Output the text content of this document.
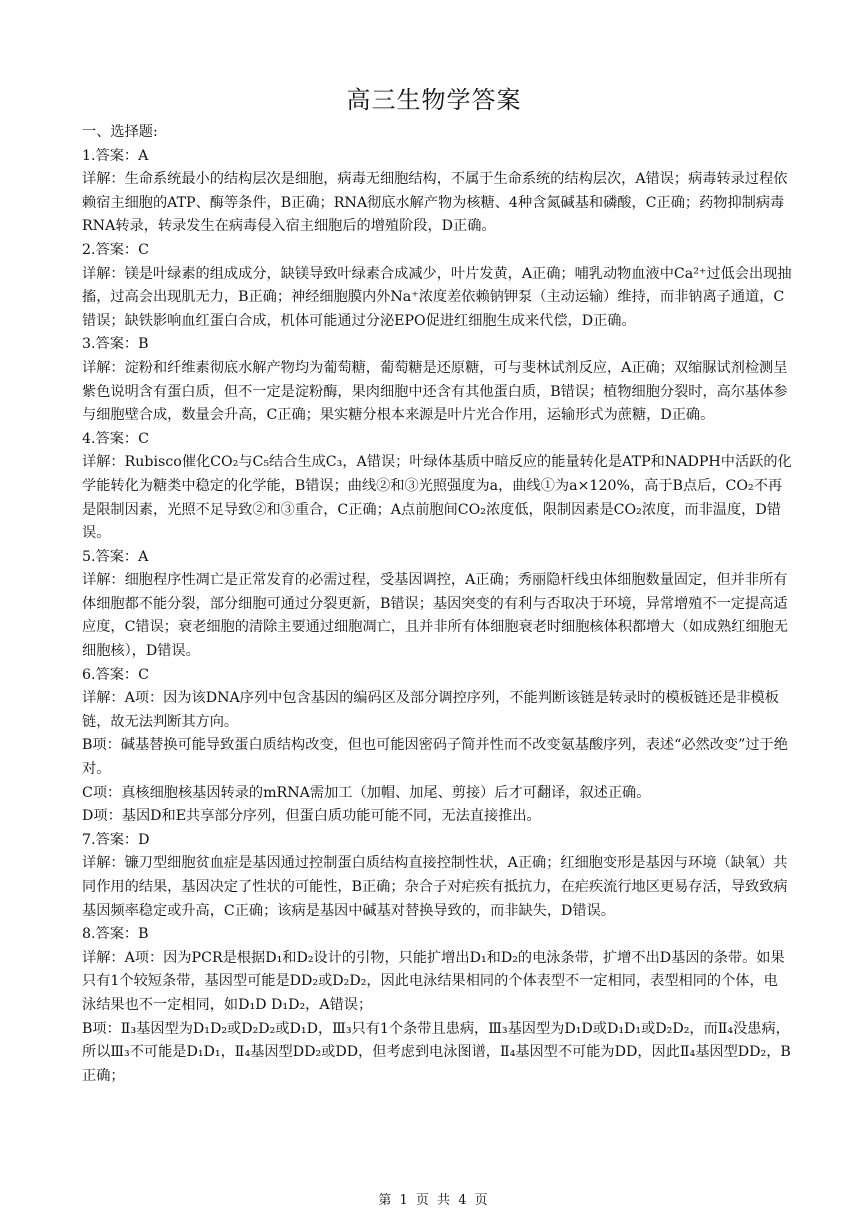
高三生物学答案

一、选择题:

1.答案：A

详解：生命系统最小的结构层次是细胞，病毒无细胞结构，不属于生命系统的结构层次，A错误；病毒转录过程依赖宿主细胞的ATP、酶等条件，B正确；RNA彻底水解产物为核糖、4种含氮碱基和磷酸，C正确；药物抑制病毒RNA转录，转录发生在病毒侵入宿主细胞后的增殖阶段，D正确。

2.答案：C

详解：镁是叶绿素的组成成分，缺镁导致叶绿素合成减少，叶片发黄，A正确；哺乳动物血液中Ca²⁺过低会出现抽搐，过高会出现肌无力，B正确；神经细胞膜内外Na⁺浓度差依赖钠钾泵（主动运输）维持，而非钠离子通道，C错误；缺铁影响血红蛋白合成，机体可能通过分泌EPO促进红细胞生成来代偿，D正确。

3.答案：B

详解：淀粉和纤维素彻底水解产物均为葡萄糖，葡萄糖是还原糖，可与斐林试剂反应，A正确；双缩脲试剂检测呈紫色说明含有蛋白质，但不一定是淀粉酶，果肉细胞中还含有其他蛋白质，B错误；植物细胞分裂时，高尔基体参与细胞壁合成，数量会升高，C正确；果实糖分根本来源是叶片光合作用，运输形式为蔗糖，D正确。

4.答案：C

详解：Rubisco催化CO₂与C₅结合生成C₃，A错误；叶绿体基质中暗反应的能量转化是ATP和NADPH中活跃的化学能转化为糖类中稳定的化学能，B错误；曲线②和③光照强度为a，曲线①为a×120%，高于B点后，CO₂不再是限制因素，光照不足导致②和③重合，C正确；A点前胞间CO₂浓度低，限制因素是CO₂浓度，而非温度，D错误。

5.答案：A

详解：细胞程序性凋亡是正常发育的必需过程，受基因调控，A正确；秀丽隐杆线虫体细胞数量固定，但并非所有体细胞都不能分裂，部分细胞可通过分裂更新，B错误；基因突变的有利与否取决于环境，异常增殖不一定提高适应度，C错误；衰老细胞的清除主要通过细胞凋亡，且并非所有体细胞衰老时细胞核体积都增大（如成熟红细胞无细胞核），D错误。

6.答案：C

详解：A项：因为该DNA序列中包含基因的编码区及部分调控序列，不能判断该链是转录时的模板链还是非模板链，故无法判断其方向。

B项：碱基替换可能导致蛋白质结构改变，但也可能因密码子简并性而不改变氨基酸序列，表述“必然改变”过于绝对。

C项：真核细胞核基因转录的mRNA需加工（加帽、加尾、剪接）后才可翻译，叙述正确。

D项：基因D和E共享部分序列，但蛋白质功能可能不同，无法直接推出。

7.答案：D

详解：镰刀型细胞贫血症是基因通过控制蛋白质结构直接控制性状，A正确；红细胞变形是基因与环境（缺氧）共同作用的结果，基因决定了性状的可能性，B正确；杂合子对疟疾有抵抗力，在疟疾流行地区更易存活，导致致病基因频率稳定或升高，C正确；该病是基因中碱基对替换导致的，而非缺失，D错误。

8.答案：B

详解：A项：因为PCR是根据D₁和D₂设计的引物，只能扩增出D₁和D₂的电泳条带，扩增不出D基因的条带。如果只有1个较短条带，基因型可能是DD₂或D₂D₂，因此电泳结果相同的个体表型不一定相同，表型相同的个体，电泳结果也不一定相同，如D₁D D₁D₂，A错误；

B项：Ⅱ₃基因型为D₁D₂或D₂D₂或D₁D，Ⅲ₃只有1个条带且患病，Ⅲ₃基因型为D₁D或D₁D₁或D₂D₂，而Ⅱ₄没患病，所以Ⅲ₃不可能是D₁D₁，Ⅱ₄基因型DD₂或DD，但考虑到电泳图谱，Ⅱ₄基因型不可能为DD，因此Ⅱ₄基因型DD₂，B正确；

第 1 页 共 4 页
